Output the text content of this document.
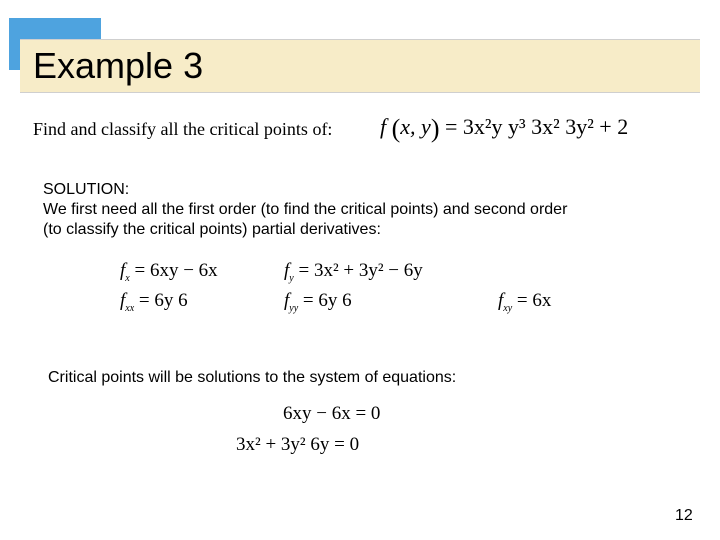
Example 3
Find and classify all the critical points of: f (x, y) = 3x²y y³ 3x² 3y² + 2
SOLUTION:
We first need all the first order (to find the critical points) and second order
(to classify the critical points) partial derivatives:
$f_x = 6xy - 6x$	$f_y = 3x^2 + 3y^2 - 6y$
$f_{xx} = 6y$ 6	$f_{yy} = 6y$ 6	$f_{xy} = 6x$
Critical points will be solutions to the system of equations:
6xy − 6x = 0
3x² + 3y² 6y = 0
12
